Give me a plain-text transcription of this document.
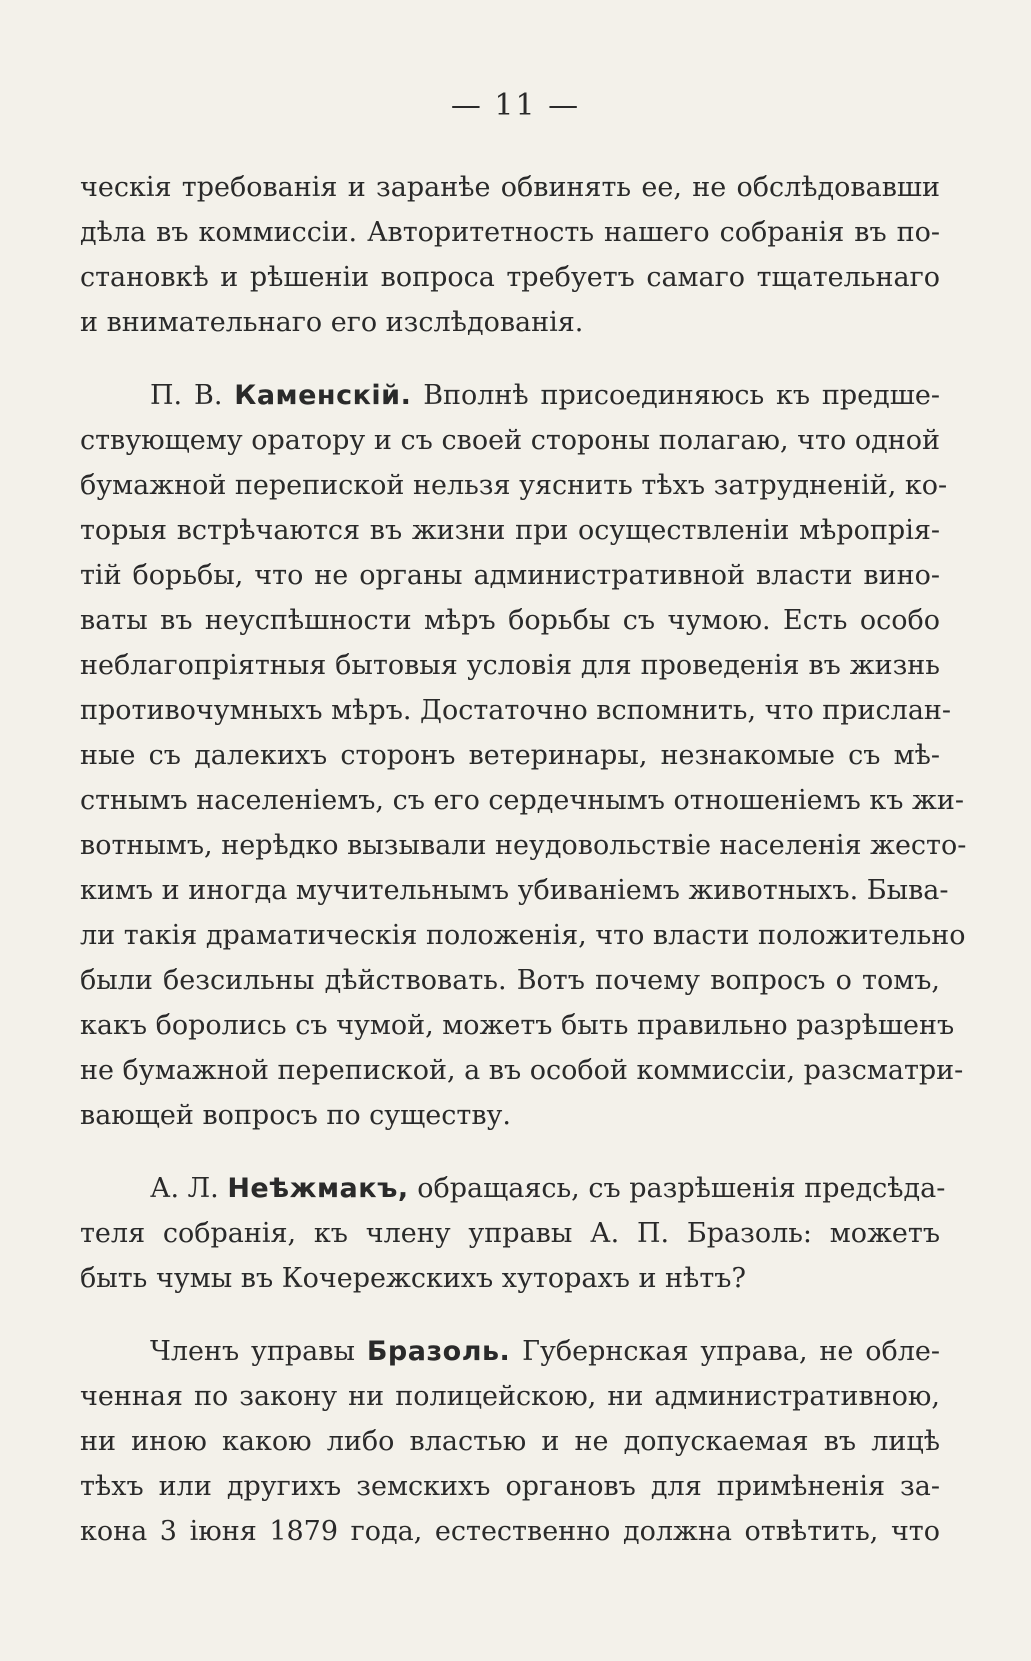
— 11 —
ческія требованія и заранѣе обвинять ее, не обслѣдовавши
дѣла въ коммиссіи. Авторитетность нашего собранія въ по-
становкѣ и рѣшеніи вопроса требуетъ самаго тщательнаго
и внимательнаго его изслѣдованія.
П. В. Каменскій. Вполнѣ присоединяюсь къ предше-
ствующему оратору и съ своей стороны полагаю, что одной
бумажной перепиской нельзя уяснить тѣхъ затрудненій, ко-
торыя встрѣчаются въ жизни при осуществленіи мѣропрія-
тій борьбы, что не органы административной власти вино-
ваты въ неуспѣшности мѣръ борьбы съ чумою. Есть особо
неблагопріятныя бытовыя условія для проведенія въ жизнь
противочумныхъ мѣръ. Достаточно вспомнить, что прислан-
ные съ далекихъ сторонъ ветеринары, незнакомые съ мѣ-
стнымъ населеніемъ, съ его сердечнымъ отношеніемъ къ жи-
вотнымъ, нерѣдко вызывали неудовольствіе населенія жесто-
кимъ и иногда мучительнымъ убиваніемъ животныхъ. Быва-
ли такія драматическія положенія, что власти положительно
были безсильны дѣйствовать. Вотъ почему вопросъ о томъ,
какъ боролись съ чумой, можетъ быть правильно разрѣшенъ
не бумажной перепиской, а въ особой коммиссіи, разсматри-
вающей вопросъ по существу.
А. Л. Неѣжмакъ, обращаясь, съ разрѣшенія предсѣда-
теля собранія, къ члену управы А. П. Бразоль: можетъ
быть чумы въ Кочережскихъ хуторахъ и нѣтъ?
Членъ управы Бразоль. Губернская управа, не обле-
ченная по закону ни полицейскою, ни административною,
ни иною какою либо властью и не допускаемая въ лицѣ
тѣхъ или другихъ земскихъ органовъ для примѣненія за-
кона 3 іюня 1879 года, естественно должна отвѣтить, что
